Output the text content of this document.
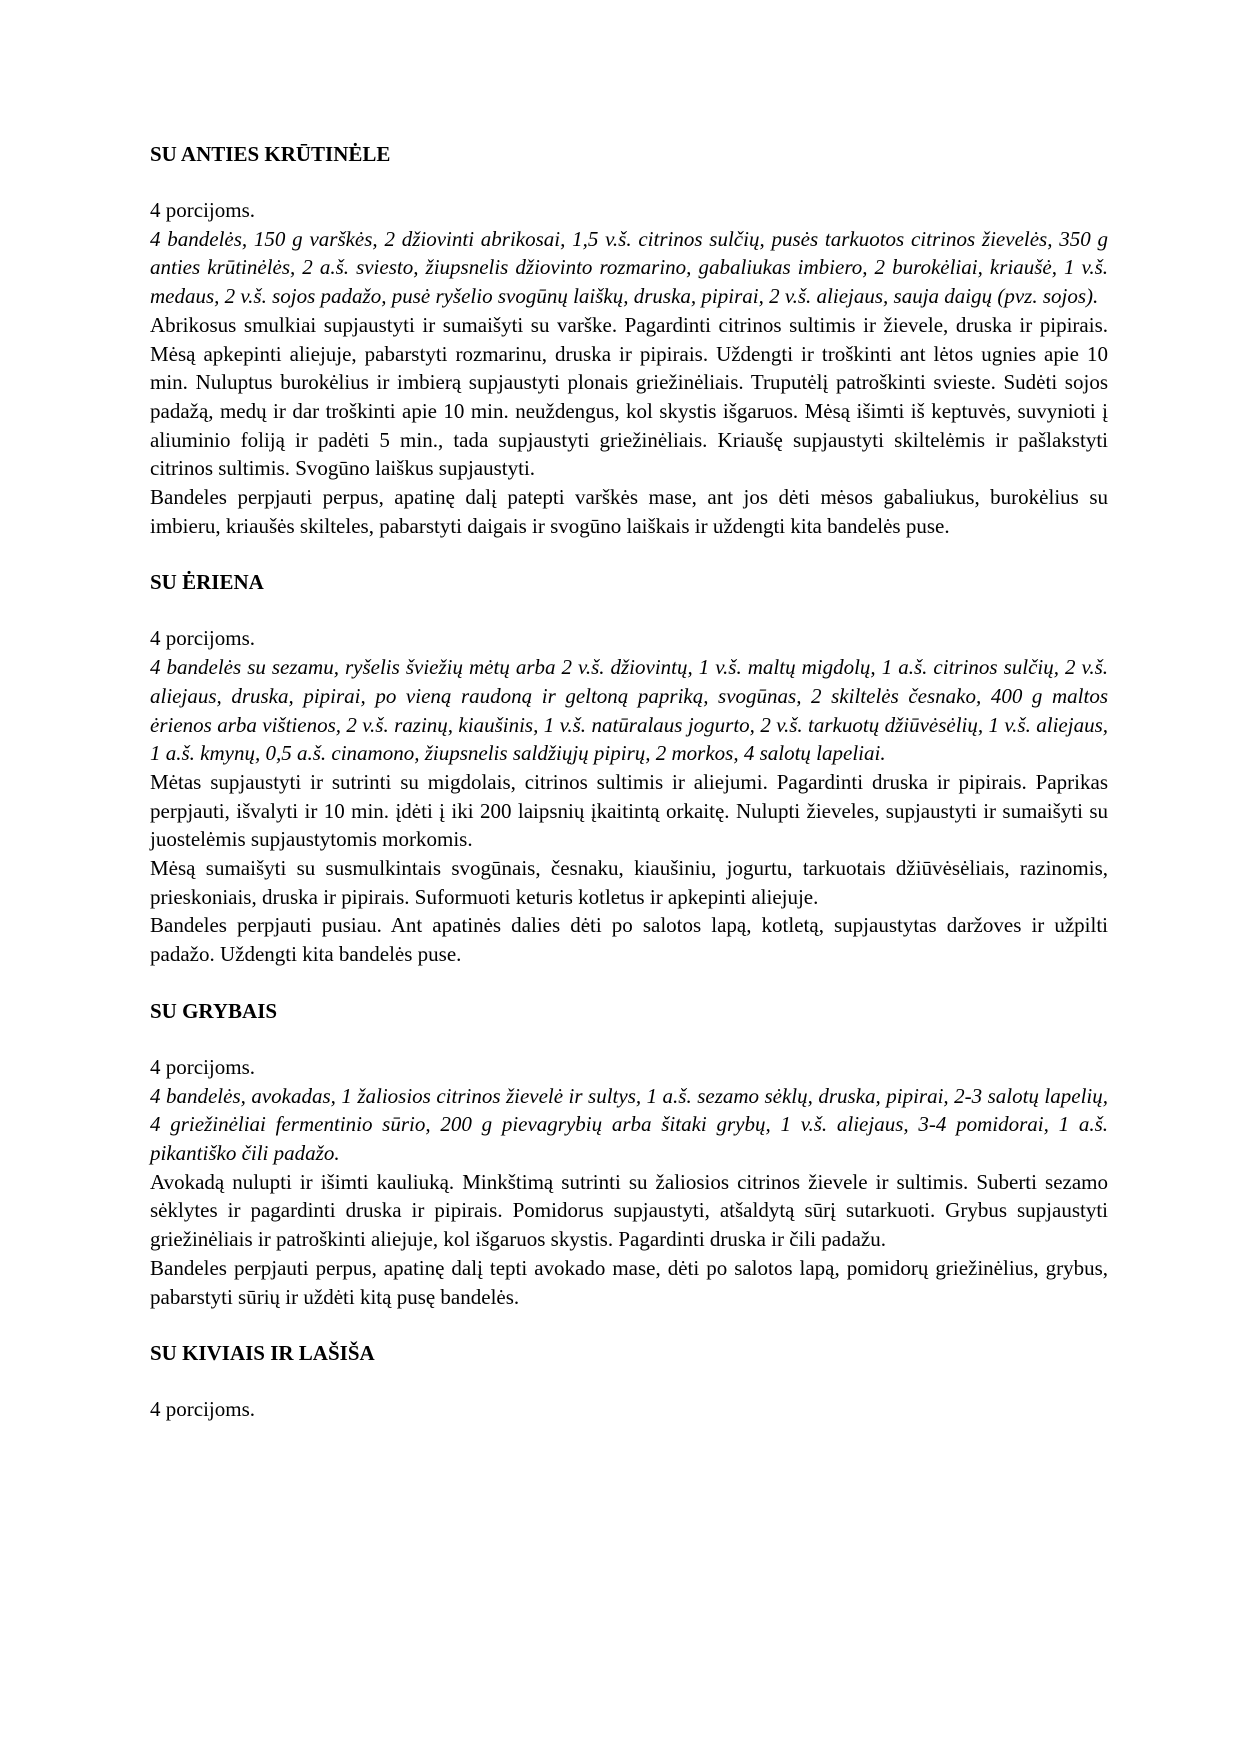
SU ANTIES KRŪTINĖLE

4 porcijoms.

4 bandelės, 150 g varškės, 2 džiovinti abrikosai, 1,5 v.š. citrinos sulčių, pusės tarkuotos citrinos žievelės, 350 g anties krūtinėlės, 2 a.š. sviesto, žiupsnelis džiovinto rozmarino, gabaliukas imbiero, 2 burokėliai, kriaušė, 1 v.š. medaus, 2 v.š. sojos padažo, pusė ryšelio svogūnų laiškų, druska, pipirai, 2 v.š. aliejaus, sauja daigų (pvz. sojos).

Abrikosus smulkiai supjaustyti ir sumaišyti su varške. Pagardinti citrinos sultimis ir žievele, druska ir pipirais. Mėsą apkepinti aliejuje, pabarstyti rozmarinu, druska ir pipirais. Uždengti ir troškinti ant lėtos ugnies apie 10 min. Nuluptus burokėlius ir imbierą supjaustyti plonais griežinėliais. Truputėlį patroškinti svieste. Sudėti sojos padažą, medų ir dar troškinti apie 10 min. neuždengus, kol skystis išgaruos. Mėsą išimti iš keptuvės, suvynioti į aliuminio foliją ir padėti 5 min., tada supjaustyti griežinėliais. Kriaušę supjaustyti skiltelėmis ir pašlakstyti citrinos sultimis. Svogūno laiškus supjaustyti.

Bandeles perpjauti perpus, apatinę dalį patepti varškės mase, ant jos dėti mėsos gabaliukus, burokėlius su imbieru, kriaušės skilteles, pabarstyti daigais ir svogūno laiškais ir uždengti kita bandelės puse.

SU ĖRIENA

4 porcijoms.

4 bandelės su sezamu, ryšelis šviežių mėtų arba 2 v.š. džiovintų, 1 v.š. maltų migdolų, 1 a.š. citrinos sulčių, 2 v.š. aliejaus, druska, pipirai, po vieną raudoną ir geltoną papriką, svogūnas, 2 skiltelės česnako, 400 g maltos ėrienos arba vištienos, 2 v.š. razinų, kiaušinis, 1 v.š. natūralaus jogurto, 2 v.š. tarkuotų džiūvėsėlių, 1 v.š. aliejaus, 1 a.š. kmynų, 0,5 a.š. cinamono, žiupsnelis saldžiųjų pipirų, 2 morkos, 4 salotų lapeliai.

Mėtas supjaustyti ir sutrinti su migdolais, citrinos sultimis ir aliejumi. Pagardinti druska ir pipirais. Paprikas perpjauti, išvalyti ir 10 min. įdėti į iki 200 laipsnių įkaitintą orkaitę. Nulupti žieveles, supjaustyti ir sumaišyti su juostelėmis supjaustytomis morkomis.

Mėsą sumaišyti su susmulkintais svogūnais, česnaku, kiaušiniu, jogurtu, tarkuotais džiūvėsėliais, razinomis, prieskoniais, druska ir pipirais. Suformuoti keturis kotletus ir apkepinti aliejuje.

Bandeles perpjauti pusiau. Ant apatinės dalies dėti po salotos lapą, kotletą, supjaustytas daržoves ir užpilti padažo. Uždengti kita bandelės puse.

SU GRYBAIS

4 porcijoms.

4 bandelės, avokadas, 1 žaliosios citrinos žievelė ir sultys, 1 a.š. sezamo sėklų, druska, pipirai, 2-3 salotų lapelių, 4 griežinėliai fermentinio sūrio, 200 g pievagrybių arba šitaki grybų, 1 v.š. aliejaus, 3-4 pomidorai, 1 a.š. pikantiško čili padažo.

Avokadą nulupti ir išimti kauliuką. Minkštimą sutrinti su žaliosios citrinos žievele ir sultimis. Suberti sezamo sėklytes ir pagardinti druska ir pipirais. Pomidorus supjaustyti, atšaldytą sūrį sutarkuoti. Grybus supjaustyti griežinėliais ir patroškinti aliejuje, kol išgaruos skystis. Pagardinti druska ir čili padažu.

Bandeles perpjauti perpus, apatinę dalį tepti avokado mase, dėti po salotos lapą, pomidorų griežinėlius, grybus, pabarstyti sūrių ir uždėti kitą pusę bandelės.

SU KIVIAIS IR LAŠIŠA

4 porcijoms.
